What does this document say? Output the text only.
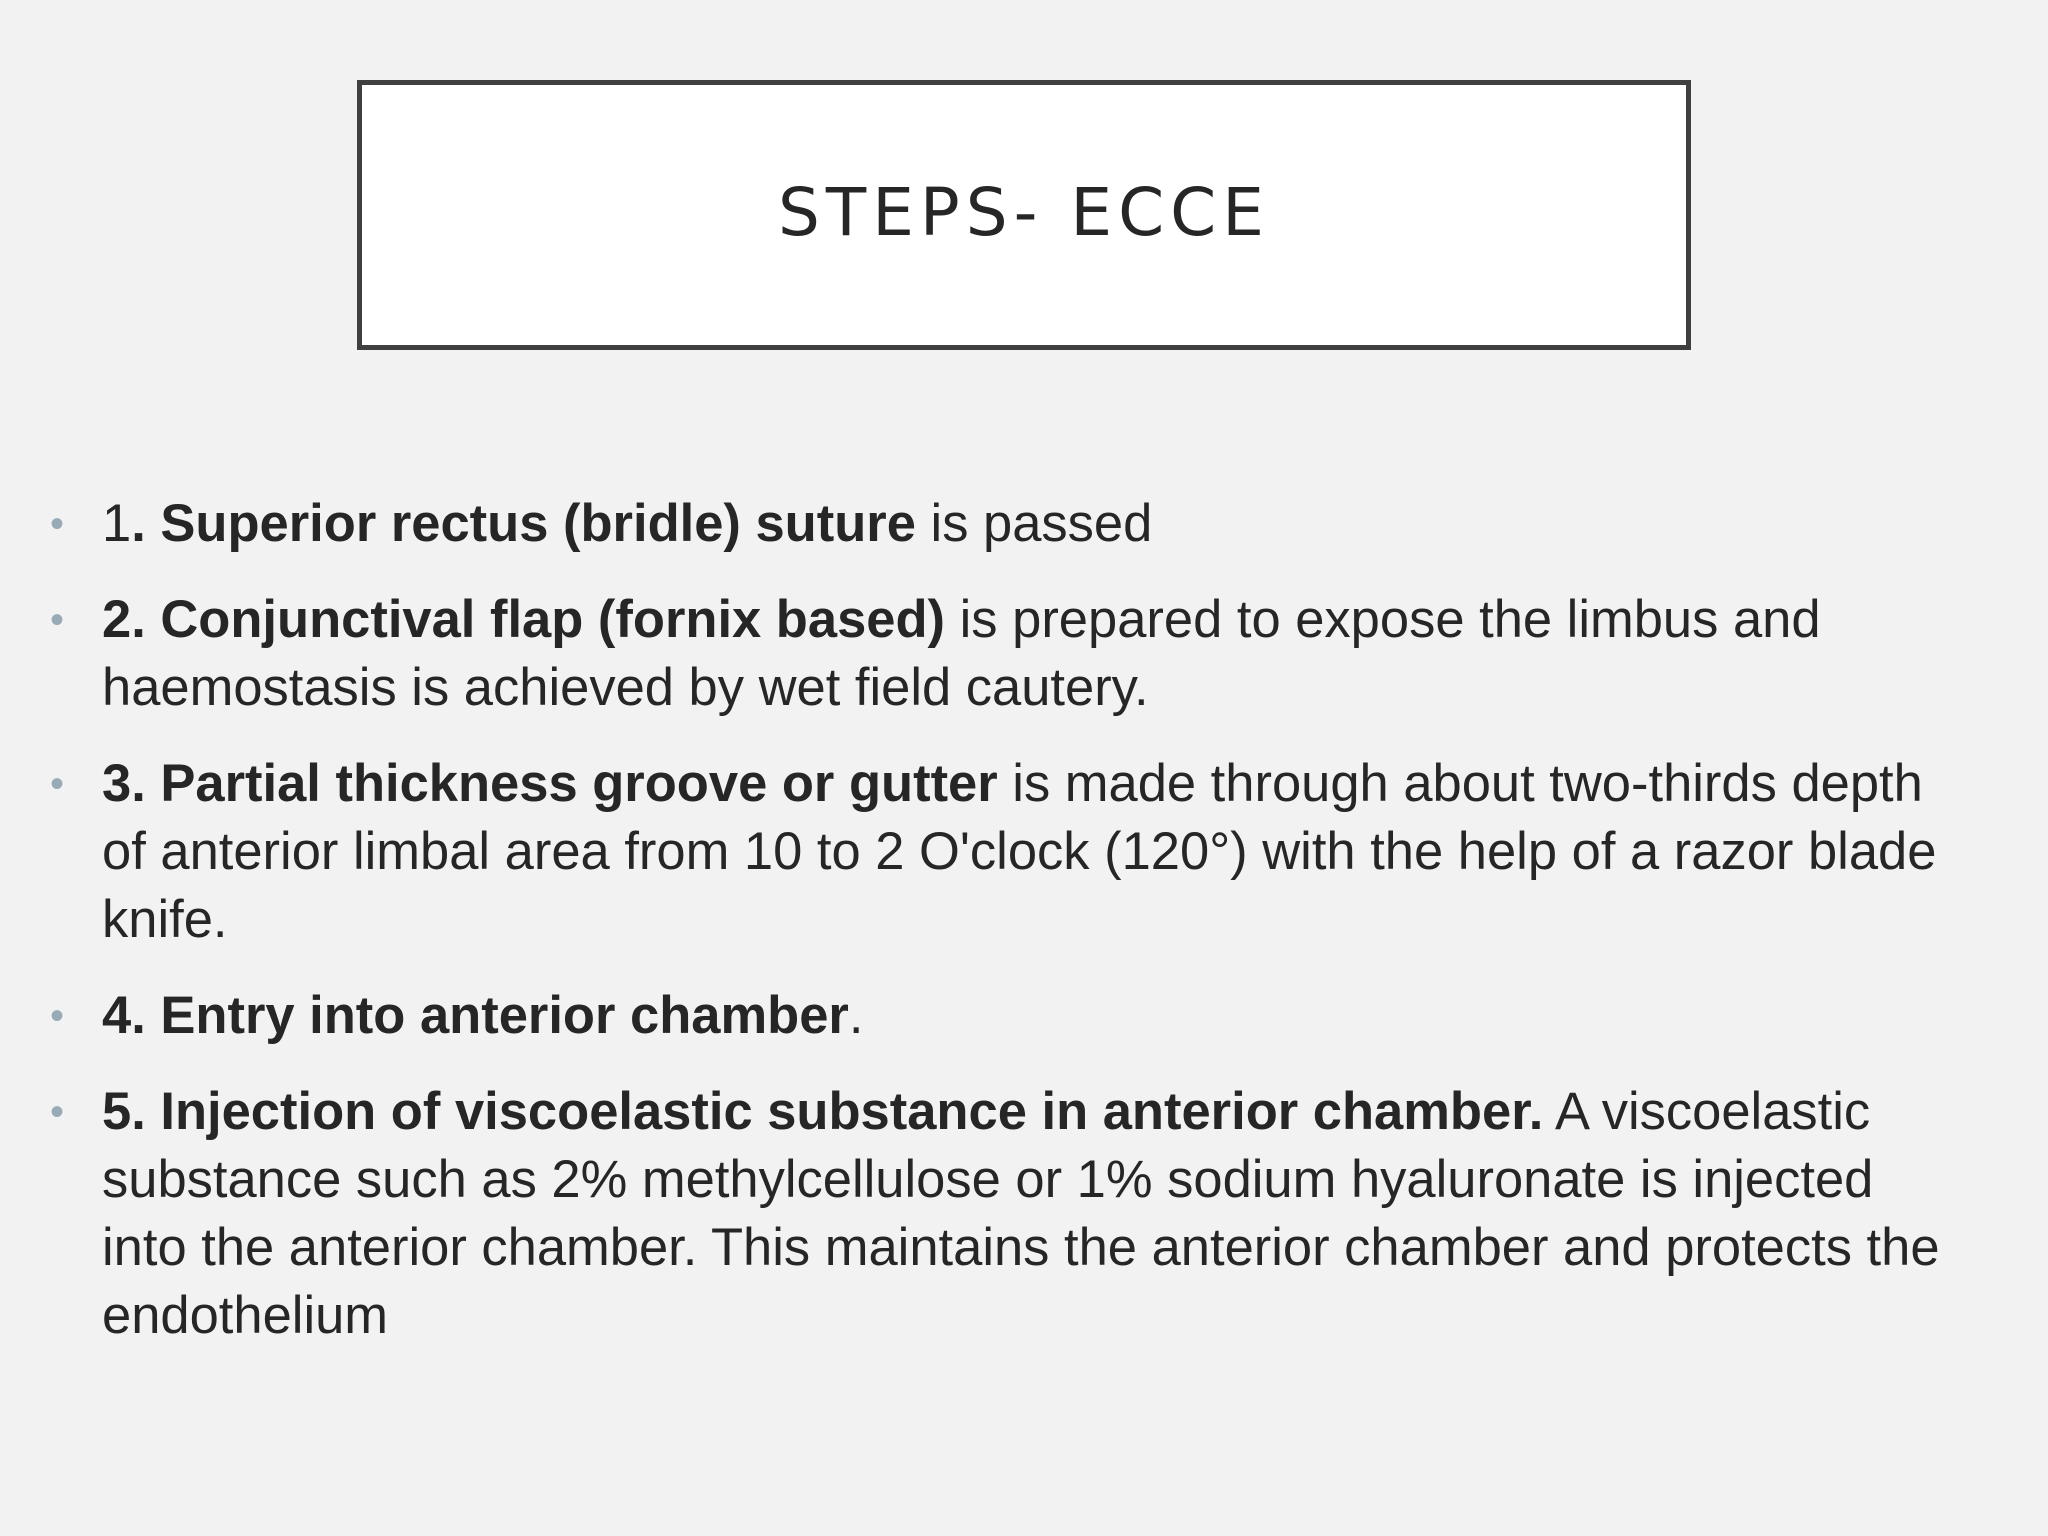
STEPS- ECCE
• 1. Superior rectus (bridle) suture is passed
• 2. Conjunctival flap (fornix based) is prepared to expose the limbus and haemostasis is achieved by wet field cautery.
• 3. Partial thickness groove or gutter is made through about two-thirds depth of anterior limbal area from 10 to 2 O'clock (120°) with the help of a razor blade knife.
• 4. Entry into anterior chamber.
• 5. Injection of viscoelastic substance in anterior chamber. A viscoelastic substance such as 2% methylcellulose or 1% sodium hyaluronate is injected into the anterior chamber. This maintains the anterior chamber and protects the endothelium
